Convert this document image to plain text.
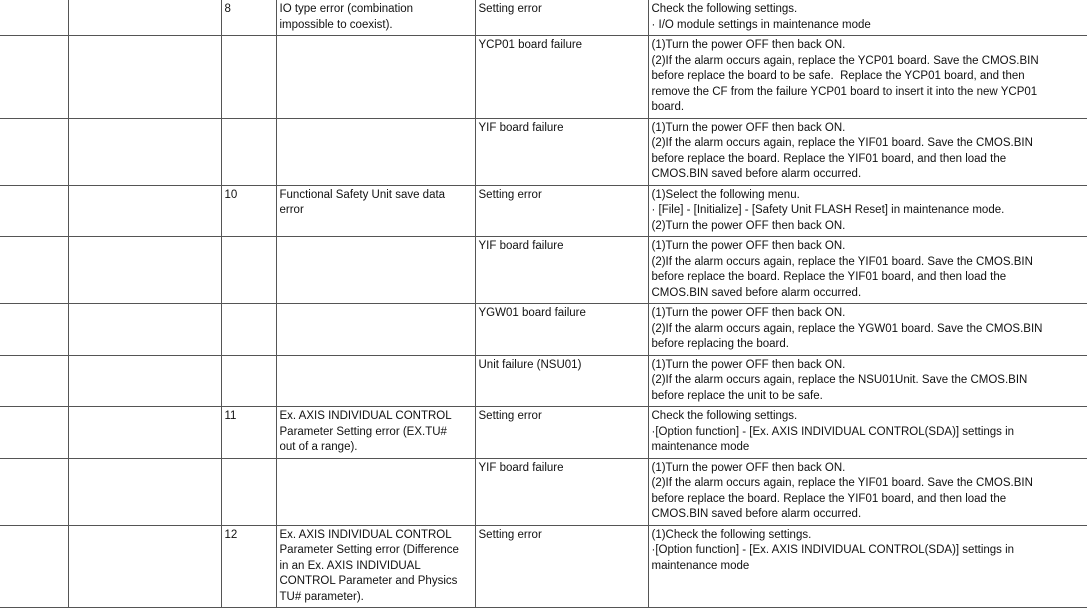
		8	IO type error (combination
impossible to coexist).	Setting error	Check the following settings.
· I/O module settings in maintenance mode
				YCP01 board failure	(1)Turn the power OFF then back ON.
(2)If the alarm occurs again, replace the YCP01 board. Save the CMOS.BIN
before replace the board to be safe.  Replace the YCP01 board, and then
remove the CF from the failure YCP01 board to insert it into the new YCP01
board.
				YIF board failure	(1)Turn the power OFF then back ON.
(2)If the alarm occurs again, replace the YIF01 board. Save the CMOS.BIN
before replace the board. Replace the YIF01 board, and then load the
CMOS.BIN saved before alarm occurred.
		10	Functional Safety Unit save data
error	Setting error	(1)Select the following menu.
· [File] - [Initialize] - [Safety Unit FLASH Reset] in maintenance mode.
(2)Turn the power OFF then back ON.
				YIF board failure	(1)Turn the power OFF then back ON.
(2)If the alarm occurs again, replace the YIF01 board. Save the CMOS.BIN
before replace the board. Replace the YIF01 board, and then load the
CMOS.BIN saved before alarm occurred.
				YGW01 board failure	(1)Turn the power OFF then back ON.
(2)If the alarm occurs again, replace the YGW01 board. Save the CMOS.BIN
before replacing the board.
				Unit failure (NSU01)	(1)Turn the power OFF then back ON.
(2)If the alarm occurs again, replace the NSU01Unit. Save the CMOS.BIN
before replace the unit to be safe.
		11	Ex. AXIS INDIVIDUAL CONTROL
Parameter Setting error (EX.TU#
out of a range).	Setting error	Check the following settings.
·[Option function] - [Ex. AXIS INDIVIDUAL CONTROL(SDA)] settings in
maintenance mode
				YIF board failure	(1)Turn the power OFF then back ON.
(2)If the alarm occurs again, replace the YIF01 board. Save the CMOS.BIN
before replace the board. Replace the YIF01 board, and then load the
CMOS.BIN saved before alarm occurred.
		12	Ex. AXIS INDIVIDUAL CONTROL
Parameter Setting error (Difference
in an Ex. AXIS INDIVIDUAL
CONTROL Parameter and Physics
TU# parameter).	Setting error	(1)Check the following settings.
·[Option function] - [Ex. AXIS INDIVIDUAL CONTROL(SDA)] settings in
maintenance mode
